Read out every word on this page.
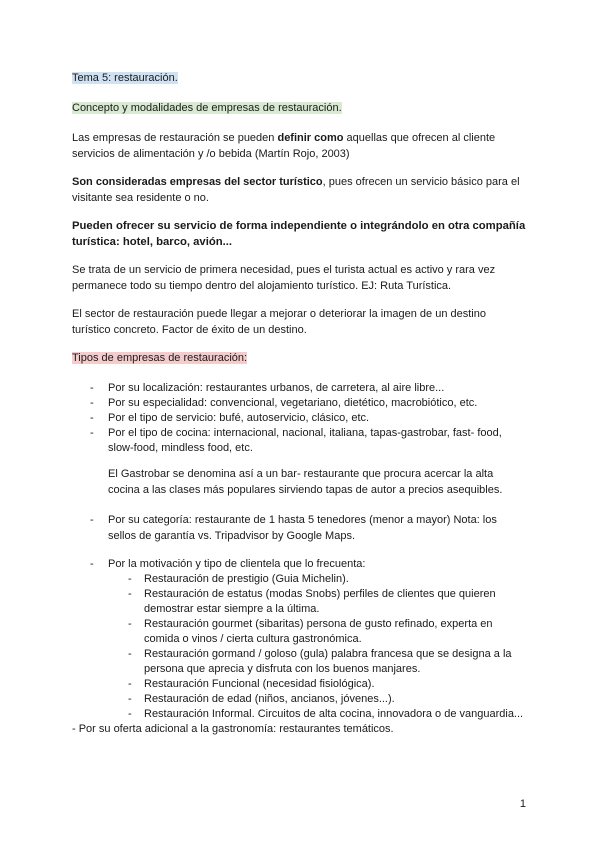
Tema 5: restauración.

Concepto y modalidades de empresas de restauración.

Las empresas de restauración se pueden definir como aquellas que ofrecen al cliente
servicios de alimentación y /o bebida (Martín Rojo, 2003)

Son consideradas empresas del sector turístico, pues ofrecen un servicio básico para el
visitante sea residente o no.

Pueden ofrecer su servicio de forma independiente o integrándolo en otra compañía
turística: hotel, barco, avión...

Se trata de un servicio de primera necesidad, pues el turista actual es activo y rara vez
permanece todo su tiempo dentro del alojamiento turístico. EJ: Ruta Turística.

El sector de restauración puede llegar a mejorar o deteriorar la imagen de un destino
turístico concreto. Factor de éxito de un destino.

Tipos de empresas de restauración:

- Por su localización: restaurantes urbanos, de carretera, al aire libre...

- Por su especialidad: convencional, vegetariano, dietético, macrobiótico, etc.

- Por el tipo de servicio: bufé, autoservicio, clásico, etc.

- Por el tipo de cocina: internacional, nacional, italiana, tapas-gastrobar, fast- food,

slow-food, mindless food, etc.

El Gastrobar se denomina así a un bar- restaurante que procura acercar la alta
cocina a las clases más populares sirviendo tapas de autor a precios asequibles.

- Por su categoría: restaurante de 1 hasta 5 tenedores (menor a mayor) Nota: los
sellos de garantía vs. Tripadvisor by Google Maps.

- Por la motivación y tipo de clientela que lo frecuenta:

- Restauración de prestigio (Guia Michelin).

- Restauración de estatus (modas Snobs) perfiles de clientes que quieren

demostrar estar siempre a la última.

- Restauración gourmet (sibaritas) persona de gusto refinado, experta en

comida o vinos / cierta cultura gastronómica.

- Restauración gormand / goloso (gula) palabra francesa que se designa a la

persona que aprecia y disfruta con los buenos manjares.

- Restauración Funcional (necesidad fisiológica).

- Restauración de edad (niños, ancianos, jóvenes...).

- Restauración Informal. Circuitos de alta cocina, innovadora o de vanguardia...

- Por su oferta adicional a la gastronomía: restaurantes temáticos.

1
